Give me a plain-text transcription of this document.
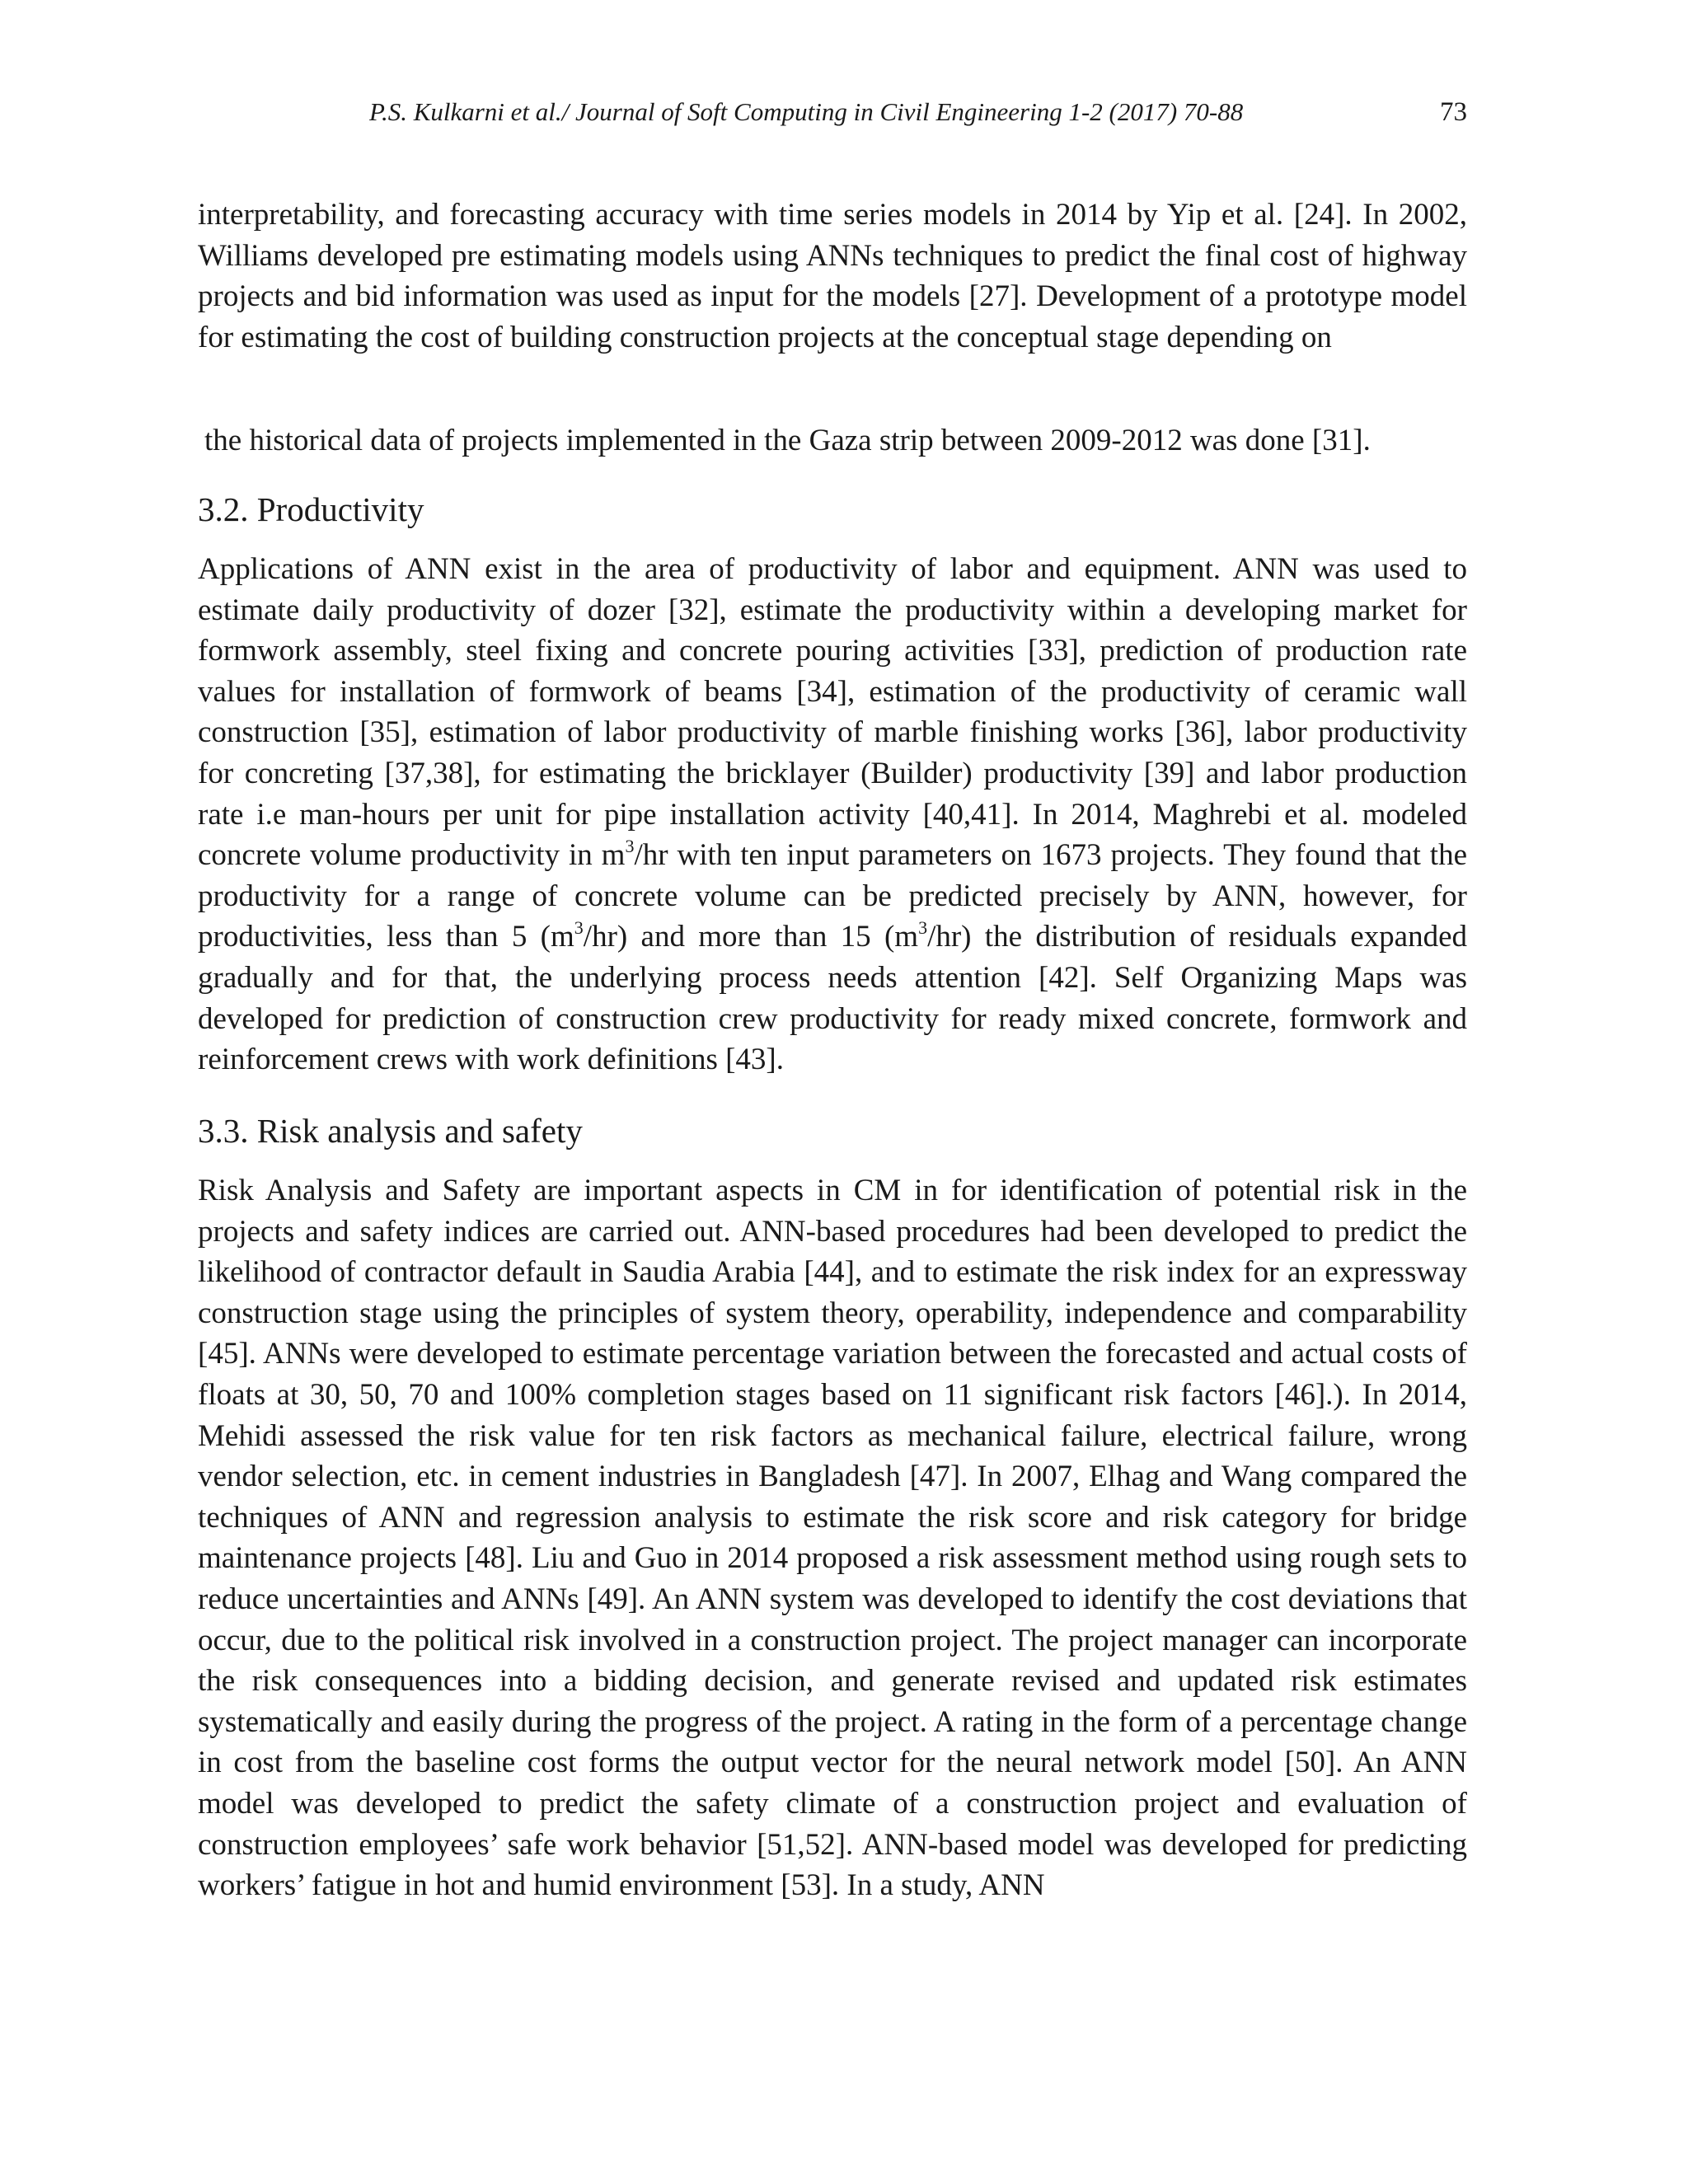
P.S. Kulkarni et al./ Journal of Soft Computing in Civil Engineering 1-2 (2017) 70-88	73

interpretability, and forecasting accuracy with time series models in 2014 by Yip et al. [24]. In 2002, Williams developed pre estimating models using ANNs techniques to predict the final cost of highway projects and bid information was used as input for the models [27]. Development of a prototype model for estimating the cost of building construction projects at the conceptual stage depending on

the historical data of projects implemented in the Gaza strip between 2009-2012 was done [31].

3.2. Productivity

Applications of ANN exist in the area of productivity of labor and equipment. ANN was used to estimate daily productivity of dozer [32], estimate the productivity within a developing market for formwork assembly, steel fixing and concrete pouring activities [33], prediction of production rate values for installation of formwork of beams [34], estimation of the productivity of ceramic wall construction [35], estimation of labor productivity of marble finishing works [36], labor productivity for concreting [37,38], for estimating the bricklayer (Builder) productivity [39] and labor production rate i.e man-hours per unit for pipe installation activity [40,41]. In 2014, Maghrebi et al. modeled concrete volume productivity in $m^3/hr$ with ten input parameters on 1673 projects. They found that the productivity for a range of concrete volume can be predicted precisely by ANN, however, for productivities, less than 5 $(m^3/hr)$ and more than 15 $(m^3/hr)$ the distribution of residuals expanded gradually and for that, the underlying process needs attention [42]. Self Organizing Maps was developed for prediction of construction crew productivity for ready mixed concrete, formwork and reinforcement crews with work definitions [43].

3.3. Risk analysis and safety

Risk Analysis and Safety are important aspects in CM in for identification of potential risk in the projects and safety indices are carried out. ANN-based procedures had been developed to predict the likelihood of contractor default in Saudia Arabia [44], and to estimate the risk index for an expressway construction stage using the principles of system theory, operability, independence and comparability [45]. ANNs were developed to estimate percentage variation between the forecasted and actual costs of floats at 30, 50, 70 and 100% completion stages based on 11 significant risk factors [46].). In 2014, Mehidi assessed the risk value for ten risk factors as mechanical failure, electrical failure, wrong vendor selection, etc. in cement industries in Bangladesh [47]. In 2007, Elhag and Wang compared the techniques of ANN and regression analysis to estimate the risk score and risk category for bridge maintenance projects [48]. Liu and Guo in 2014 proposed a risk assessment method using rough sets to reduce uncertainties and ANNs [49]. An ANN system was developed to identify the cost deviations that occur, due to the political risk involved in a construction project. The project manager can incorporate the risk consequences into a bidding decision, and generate revised and updated risk estimates systematically and easily during the progress of the project. A rating in the form of a percentage change in cost from the baseline cost forms the output vector for the neural network model [50]. An ANN model was developed to predict the safety climate of a construction project and evaluation of construction employees’ safe work behavior [51,52]. ANN-based model was developed for predicting workers’ fatigue in hot and humid environment [53]. In a study, ANN
